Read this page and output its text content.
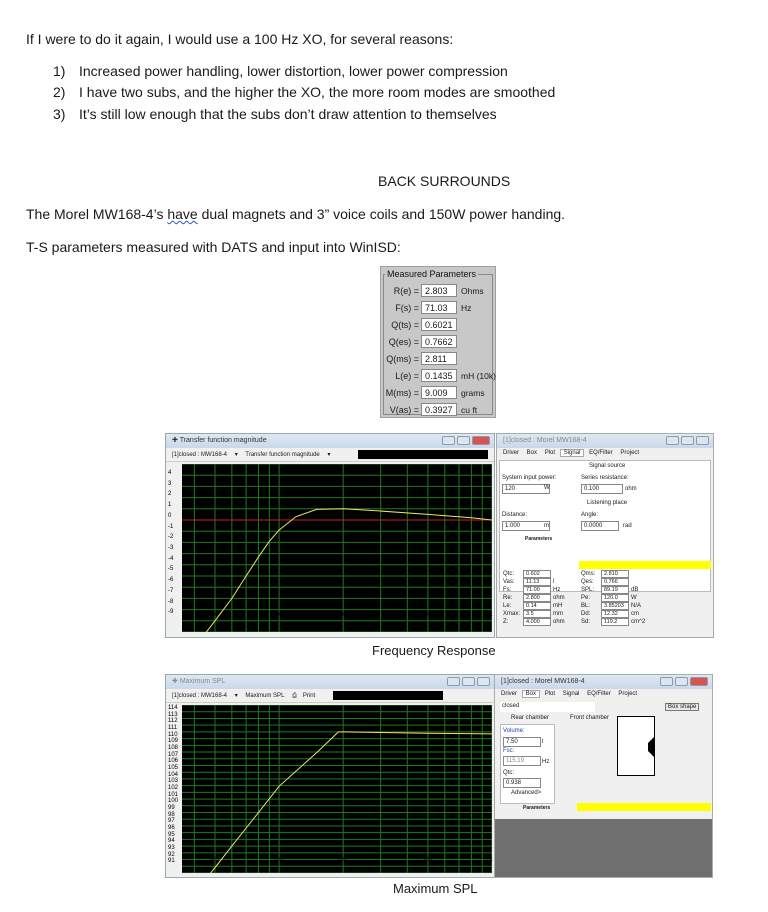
If I were to do it again, I would use a 100 Hz XO, for several reasons:
1) Increased power handling, lower distortion, lower power compression
2) I have two subs, and the higher the XO, the more room modes are smoothed
3) It’s still low enough that the subs don’t draw attention to themselves
BACK SURROUNDS
The Morel MW168-4’s have dual magnets and 3” voice coils and 150W power handing.
T-S parameters measured with DATS and input into WinISD:
Measured Parameters
R(e) = 2.803	Ohms
F(s) = 71.03	Hz
Q(ts) = 0.6021
Q(es) = 0.7662
Q(ms) = 2.811
L(e) = 0.1435 mH (10k)
M(ms) = 9.009	grams
V(as) = 0.3927 cu ft
✚ Transfer function magnitude
[1]closed : MW168-4 ▾ Transfer function magnitude ▾
4
3
2
1
0
-1
-2
-3
-4
-5
-6
-7
-8
-9	50	100	200	500	1k
[1]closed : Morel MW168-4
Driver Box Plot Signal EQ/Filter Project
Signal source
System input power:
120	W
Series resistance:
0.100	ohm
Listening place
Distance:
1.000	m
Angle:
0.0000	rad
Parameters
Qtc:	0.602
Vas:	11.13	l
Fs:	71.00	Hz
Re:	2.800	ohm
Le:	0.14	mH
Xmax:	3.5	mm
Z:	4.000	ohm
Qms:	2.810
Qes:	0.766
SPL:	89.19	dB
Pe:	120.0	W
BL:	3.85203	N/A
Dd:	12.32	cm
Sd:	119.2	cm^2
Frequency Response
✚ Maximum SPL
[1]closed : MW168-4 ▾ Maximum SPL ⎙ Print
114
113
112
111
110
109
108
107
106
105
104
103
102
101
100
99
98
97
96
95
94
93
92
91	50	100	200	500	1k
[1]closed : Morel MW168-4
Driver Box Plot Signal EQ/Filter Project
closed	Box shape
Rear chamber	Front chamber
Volume:
7.50	l
Fsc:
115.19	Hz
Qtc:
0.938
Advanced>
Parameters
Maximum SPL
